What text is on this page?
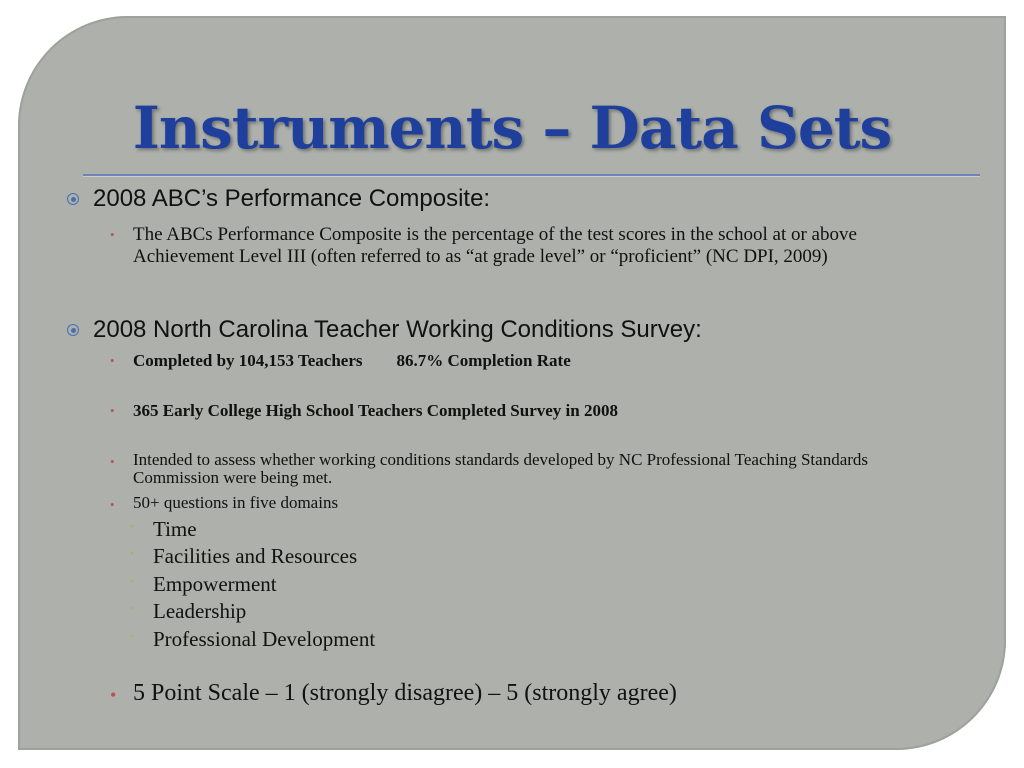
Instruments – Data Sets
2008 ABC’s Performance Composite:
• The ABCs Performance Composite is the percentage of the test scores in the school at or above Achievement Level III (often referred to as “at grade level” or “proficient” (NC DPI, 2009)
2008 North Carolina Teacher Working Conditions Survey:
• Completed by 104,153 Teachers 86.7% Completion Rate
• 365 Early College High School Teachers Completed Survey in 2008
• Intended to assess whether working conditions standards developed by NC Professional Teaching Standards Commission were being met.
• 50+ questions in five domains
• Time
• Facilities and Resources
• Empowerment
• Leadership
• Professional Development
• 5 Point Scale – 1 (strongly disagree) – 5 (strongly agree)
